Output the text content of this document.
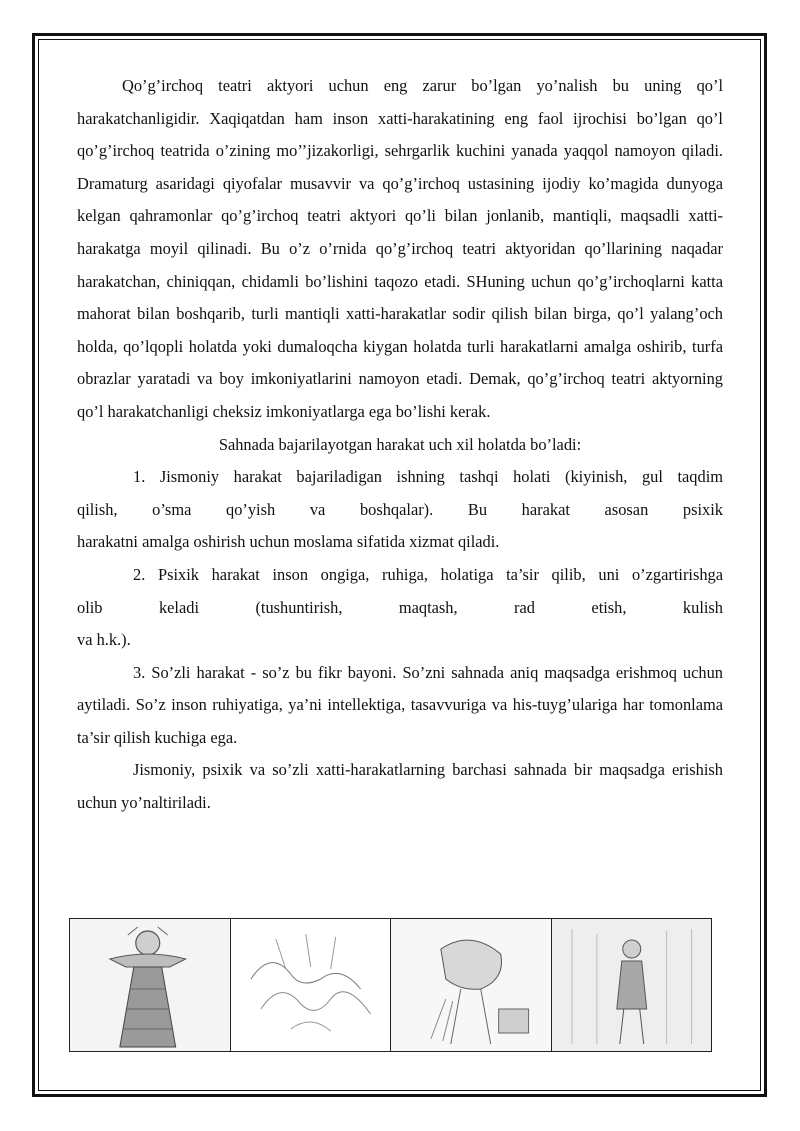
Qo’g’irchoq teatri aktyori uchun eng zarur bo’lgan yo’nalish bu uning qo’l

harakatchanligidir. Xaqiqatdan ham inson xatti-harakatining eng faol ijrochisi bo’lgan qo’l qo’g’irchoq teatrida o’zining mo’’jizakorligi, sehrgarlik kuchini yanada yaqqol namoyon qiladi. Dramaturg asaridagi qiyofalar musavvir va qo’g’irchoq ustasining ijodiy ko’magida dunyoga kelgan qahramonlar qo’g’irchoq teatri aktyori qo’li bilan jonlanib, mantiqli, maqsadli xatti-harakatga moyil qilinadi. Bu o’z o’rnida qo’g’irchoq teatri aktyoridan qo’llarining naqadar harakatchan, chiniqqan, chidamli bo’lishini taqozo etadi. SHuning uchun qo’g’irchoqlarni katta mahorat bilan boshqarib, turli mantiqli xatti-harakatlar sodir qilish bilan birga, qo’l yalang’och holda, qo’lqopli holatda yoki dumaloqcha kiygan holatda turli harakatlarni amalga oshirib, turfa obrazlar yaratadi va boy imkoniyatlarini namoyon etadi. Demak, qo’g’irchoq teatri aktyorning qo’l harakatchanligi cheksiz imkoniyatlarga ega bo’lishi kerak.

Sahnada bajarilayotgan harakat uch xil holatda bo’ladi:

1. Jismoniy harakat bajariladigan ishning tashqi holati (kiyinish, gul taqdim

qilish, o’sma qo’yish va boshqalar). Bu harakat asosan psixik

harakatni amalga oshirish uchun moslama sifatida xizmat qiladi.

2. Psixik harakat inson ongiga, ruhiga, holatiga ta’sir qilib, uni o’zgartirishga

olib keladi (tushuntirish, maqtash, rad etish, kulish

va h.k.).

3. So’zli harakat - so’z bu fikr bayoni. So’zni sahnada aniq maqsadga erishmoq uchun aytiladi. So’z inson ruhiyatiga, ya’ni intellektiga, tasavvuriga va his-tuyg’ulariga har tomonlama ta’sir qilish kuchiga ega.

Jismoniy, psixik va so’zli xatti-harakatlarning barchasi sahnada bir maqsadga erishish uchun yo’naltiriladi.
